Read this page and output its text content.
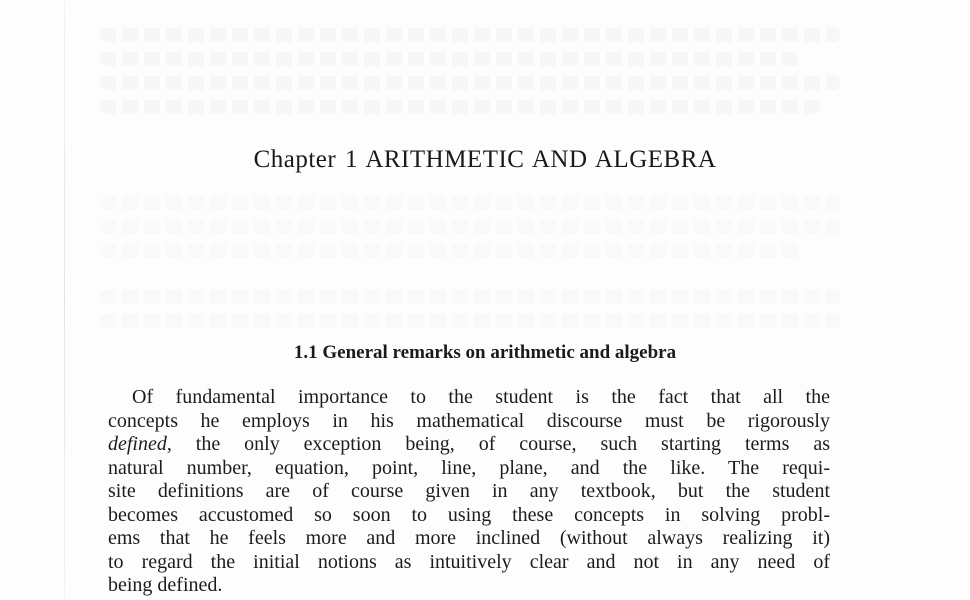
Chapter 1 ARITHMETIC AND ALGEBRA
1.1 General remarks on arithmetic and algebra
Of fundamental importance to the student is the fact that all the
concepts he employs in his mathematical discourse must be rigorously
defined, the only exception being, of course, such starting terms as
natural number, equation, point, line, plane, and the like. The requi-
site definitions are of course given in any textbook, but the student
becomes accustomed so soon to using these concepts in solving probl-
ems that he feels more and more inclined (without always realizing it)
to regard the initial notions as intuitively clear and not in any need of
being defined.
